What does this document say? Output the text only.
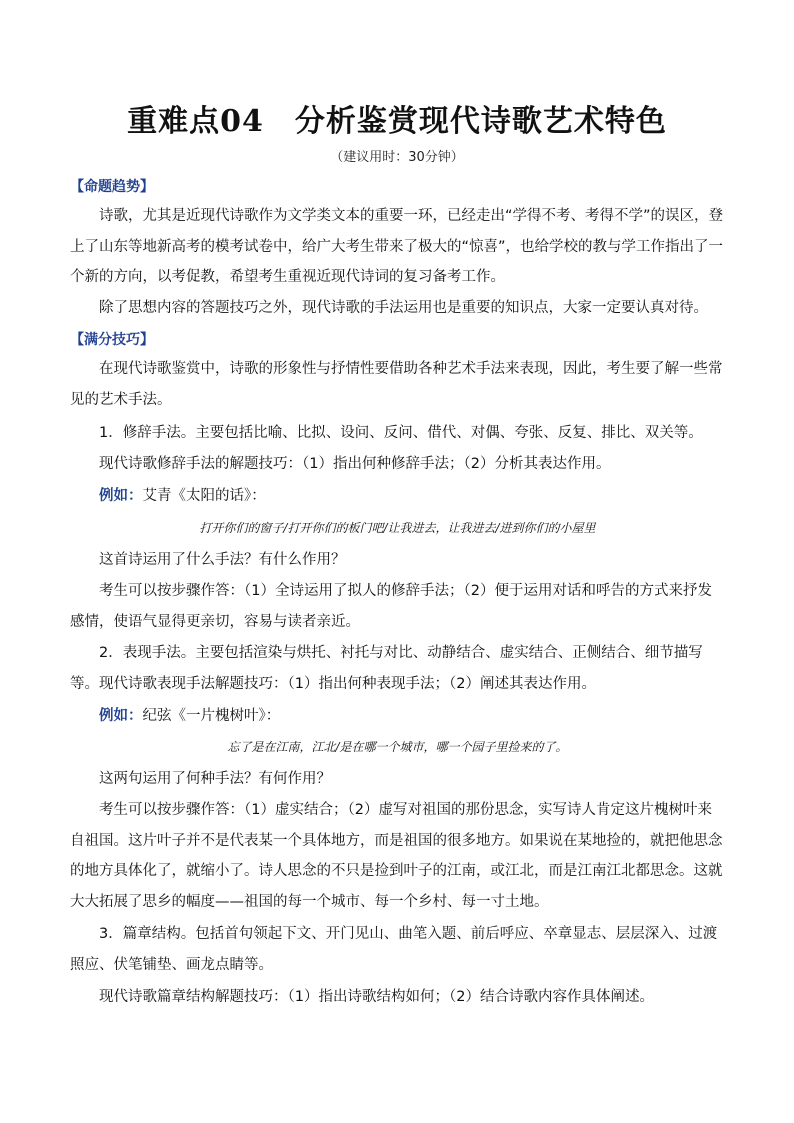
重难点04　分析鉴赏现代诗歌艺术特色
（建议用时：30分钟）
【命题趋势】
诗歌，尤其是近现代诗歌作为文学类文本的重要一环，已经走出“学得不考、考得不学”的误区，登上了山东等地新高考的模考试卷中，给广大考生带来了极大的“惊喜”，也给学校的教与学工作指出了一个新的方向，以考促教，希望考生重视近现代诗词的复习备考工作。
除了思想内容的答题技巧之外，现代诗歌的手法运用也是重要的知识点，大家一定要认真对待。
【满分技巧】
在现代诗歌鉴赏中，诗歌的形象性与抒情性要借助各种艺术手法来表现，因此，考生要了解一些常见的艺术手法。
1．修辞手法。主要包括比喻、比拟、设问、反问、借代、对偶、夸张、反复、排比、双关等。
现代诗歌修辞手法的解题技巧：（1）指出何种修辞手法；（2）分析其表达作用。
例如：艾青《太阳的话》：
打开你们的窗子/打开你们的板门吧/让我进去，让我进去/进到你们的小屋里
这首诗运用了什么手法？有什么作用？
考生可以按步骤作答：（1）全诗运用了拟人的修辞手法；（2）便于运用对话和呼告的方式来抒发感情，使语气显得更亲切，容易与读者亲近。
2．表现手法。主要包括渲染与烘托、衬托与对比、动静结合、虚实结合、正侧结合、细节描写等。 现代诗歌表现手法解题技巧：（1）指出何种表现手法；（2）阐述其表达作用。
例如：纪弦《一片槐树叶》：
忘了是在江南，江北/是在哪一个城市，哪一个园子里捡来的了。
这两句运用了何种手法？有何作用？
考生可以按步骤作答：（1）虚实结合；（2）虚写对祖国的那份思念，实写诗人肯定这片槐树叶来自祖国。这片叶子并不是代表某一个具体地方，而是祖国的很多地方。如果说在某地捡的，就把他思念的地方具体化了，就缩小了。诗人思念的不只是捡到叶子的江南，或江北，而是江南江北都思念。这就大大拓展了思乡的幅度——祖国的每一个城市、每一个乡村、每一寸土地。
3．篇章结构。包括首句领起下文、开门见山、曲笔入题、前后呼应、卒章显志、层层深入、过渡照应、伏笔铺垫、画龙点睛等。
现代诗歌篇章结构解题技巧：（1）指出诗歌结构如何；（2）结合诗歌内容作具体阐述。
